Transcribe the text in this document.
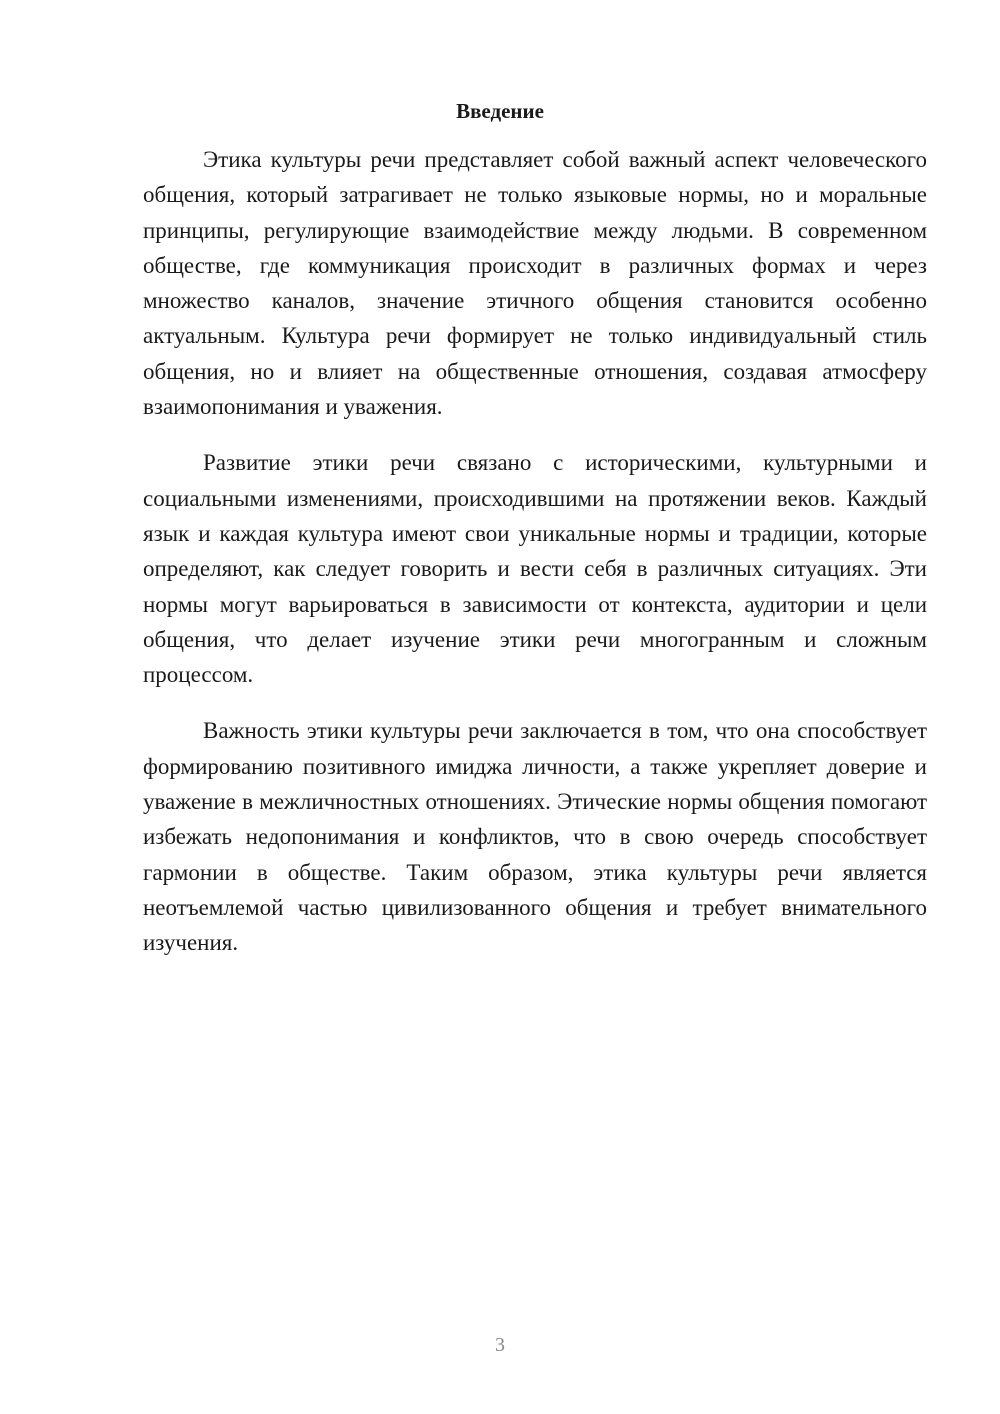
Введение

Этика культуры речи представляет собой важный аспект человеческого общения, который затрагивает не только языковые нормы, но и моральные принципы, регулирующие взаимодействие между людьми. В современном обществе, где коммуникация происходит в различных формах и через множество каналов, значение этичного общения становится особенно актуальным. Культура речи формирует не только индивидуальный стиль общения, но и влияет на общественные отношения, создавая атмосферу взаимопонимания и уважения.

Развитие этики речи связано с историческими, культурными и социальными изменениями, происходившими на протяжении веков. Каждый язык и каждая культура имеют свои уникальные нормы и традиции, которые определяют, как следует говорить и вести себя в различных ситуациях. Эти нормы могут варьироваться в зависимости от контекста, аудитории и цели общения, что делает изучение этики речи многогранным и сложным процессом.

Важность этики культуры речи заключается в том, что она способствует формированию позитивного имиджа личности, а также укрепляет доверие и уважение в межличностных отношениях. Этические нормы общения помогают избежать недопонимания и конфликтов, что в свою очередь способствует гармонии в обществе. Таким образом, этика культуры речи является неотъемлемой частью цивилизованного общения и требует внимательного изучения.

3
